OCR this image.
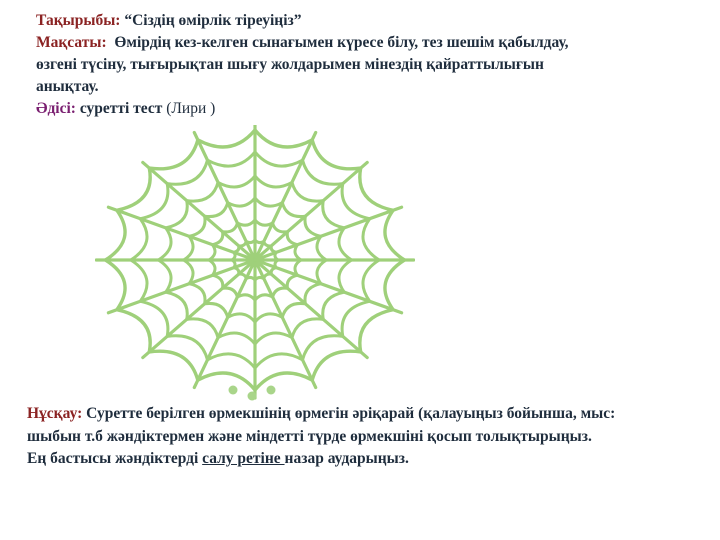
Тақырыбы: “Сіздің өмірлік тіреуіңіз”
Мақсаты: Өмірдің кез-келген сынағымен күресе білу, тез шешім қабылдау,
өзгені түсіну, тығырықтан шығу жолдарымен мінездің қайраттылығын
анықтау.
Әдісі: суретті тест (Лири )
Нұсқау: Суретте берілген өрмекшінің өрмегін әріқарай (қалауыңыз бойынша, мыс:
шыбын т.б жәндіктермен және міндетті түрде өрмекшіні қосып толықтырыңыз.
Ең бастысы жәндіктерді салу ретіне назар аударыңыз.
